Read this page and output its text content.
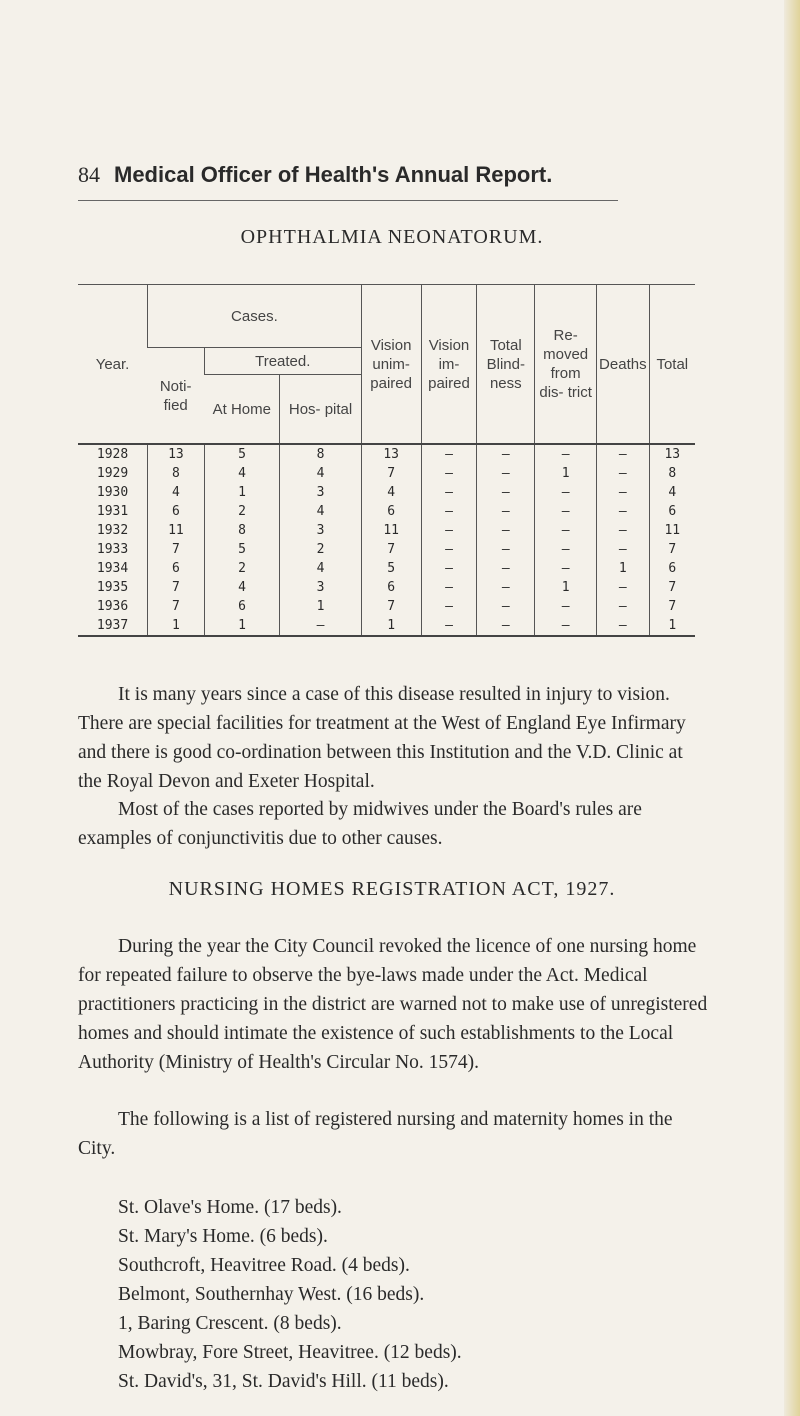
84 Medical Officer of Health's Annual Report.
OPHTHALMIA NEONATORUM.
Year.	Cases.			Vision unim- paired	Vision im- paired	Total Blind- ness	Re- moved from dis- trict	Deaths	Total
	Noti- fied	Treated.							
		At Home	Hos- pital						
1928	13	5	8	13	—	—	—	—	13
1929	8	4	4	7	—	—	1	—	8
1930	4	1	3	4	—	—	—	—	4
1931	6	2	4	6	—	—	—	—	6
1932	11	8	3	11	—	—	—	—	11
1933	7	5	2	7	—	—	—	—	7
1934	6	2	4	5	—	—	—	1	6
1935	7	4	3	6	—	—	1	—	7
1936	7	6	1	7	—	—	—	—	7
1937	1	1	—	1	—	—	—	—	1

It is many years since a case of this disease resulted in injury to vision. There are special facilities for treatment at the West of England Eye Infirmary and there is good co-ordination between this Institution and the V.D. Clinic at the Royal Devon and Exeter Hospital.

Most of the cases reported by midwives under the Board's rules are examples of conjunctivitis due to other causes.

NURSING HOMES REGISTRATION ACT, 1927.

During the year the City Council revoked the licence of one nursing home for repeated failure to observe the bye-laws made under the Act. Medical practitioners practicing in the district are warned not to make use of unregistered homes and should intimate the existence of such establishments to the Local Authority (Ministry of Health's Circular No. 1574).

The following is a list of registered nursing and maternity homes in the City.

St. Olave's Home. (17 beds).
St. Mary's Home. (6 beds).
Southcroft, Heavitree Road. (4 beds).
Belmont, Southernhay West. (16 beds).
1, Baring Crescent. (8 beds).
Mowbray, Fore Street, Heavitree. (12 beds).
St. David's, 31, St. David's Hill. (11 beds).
